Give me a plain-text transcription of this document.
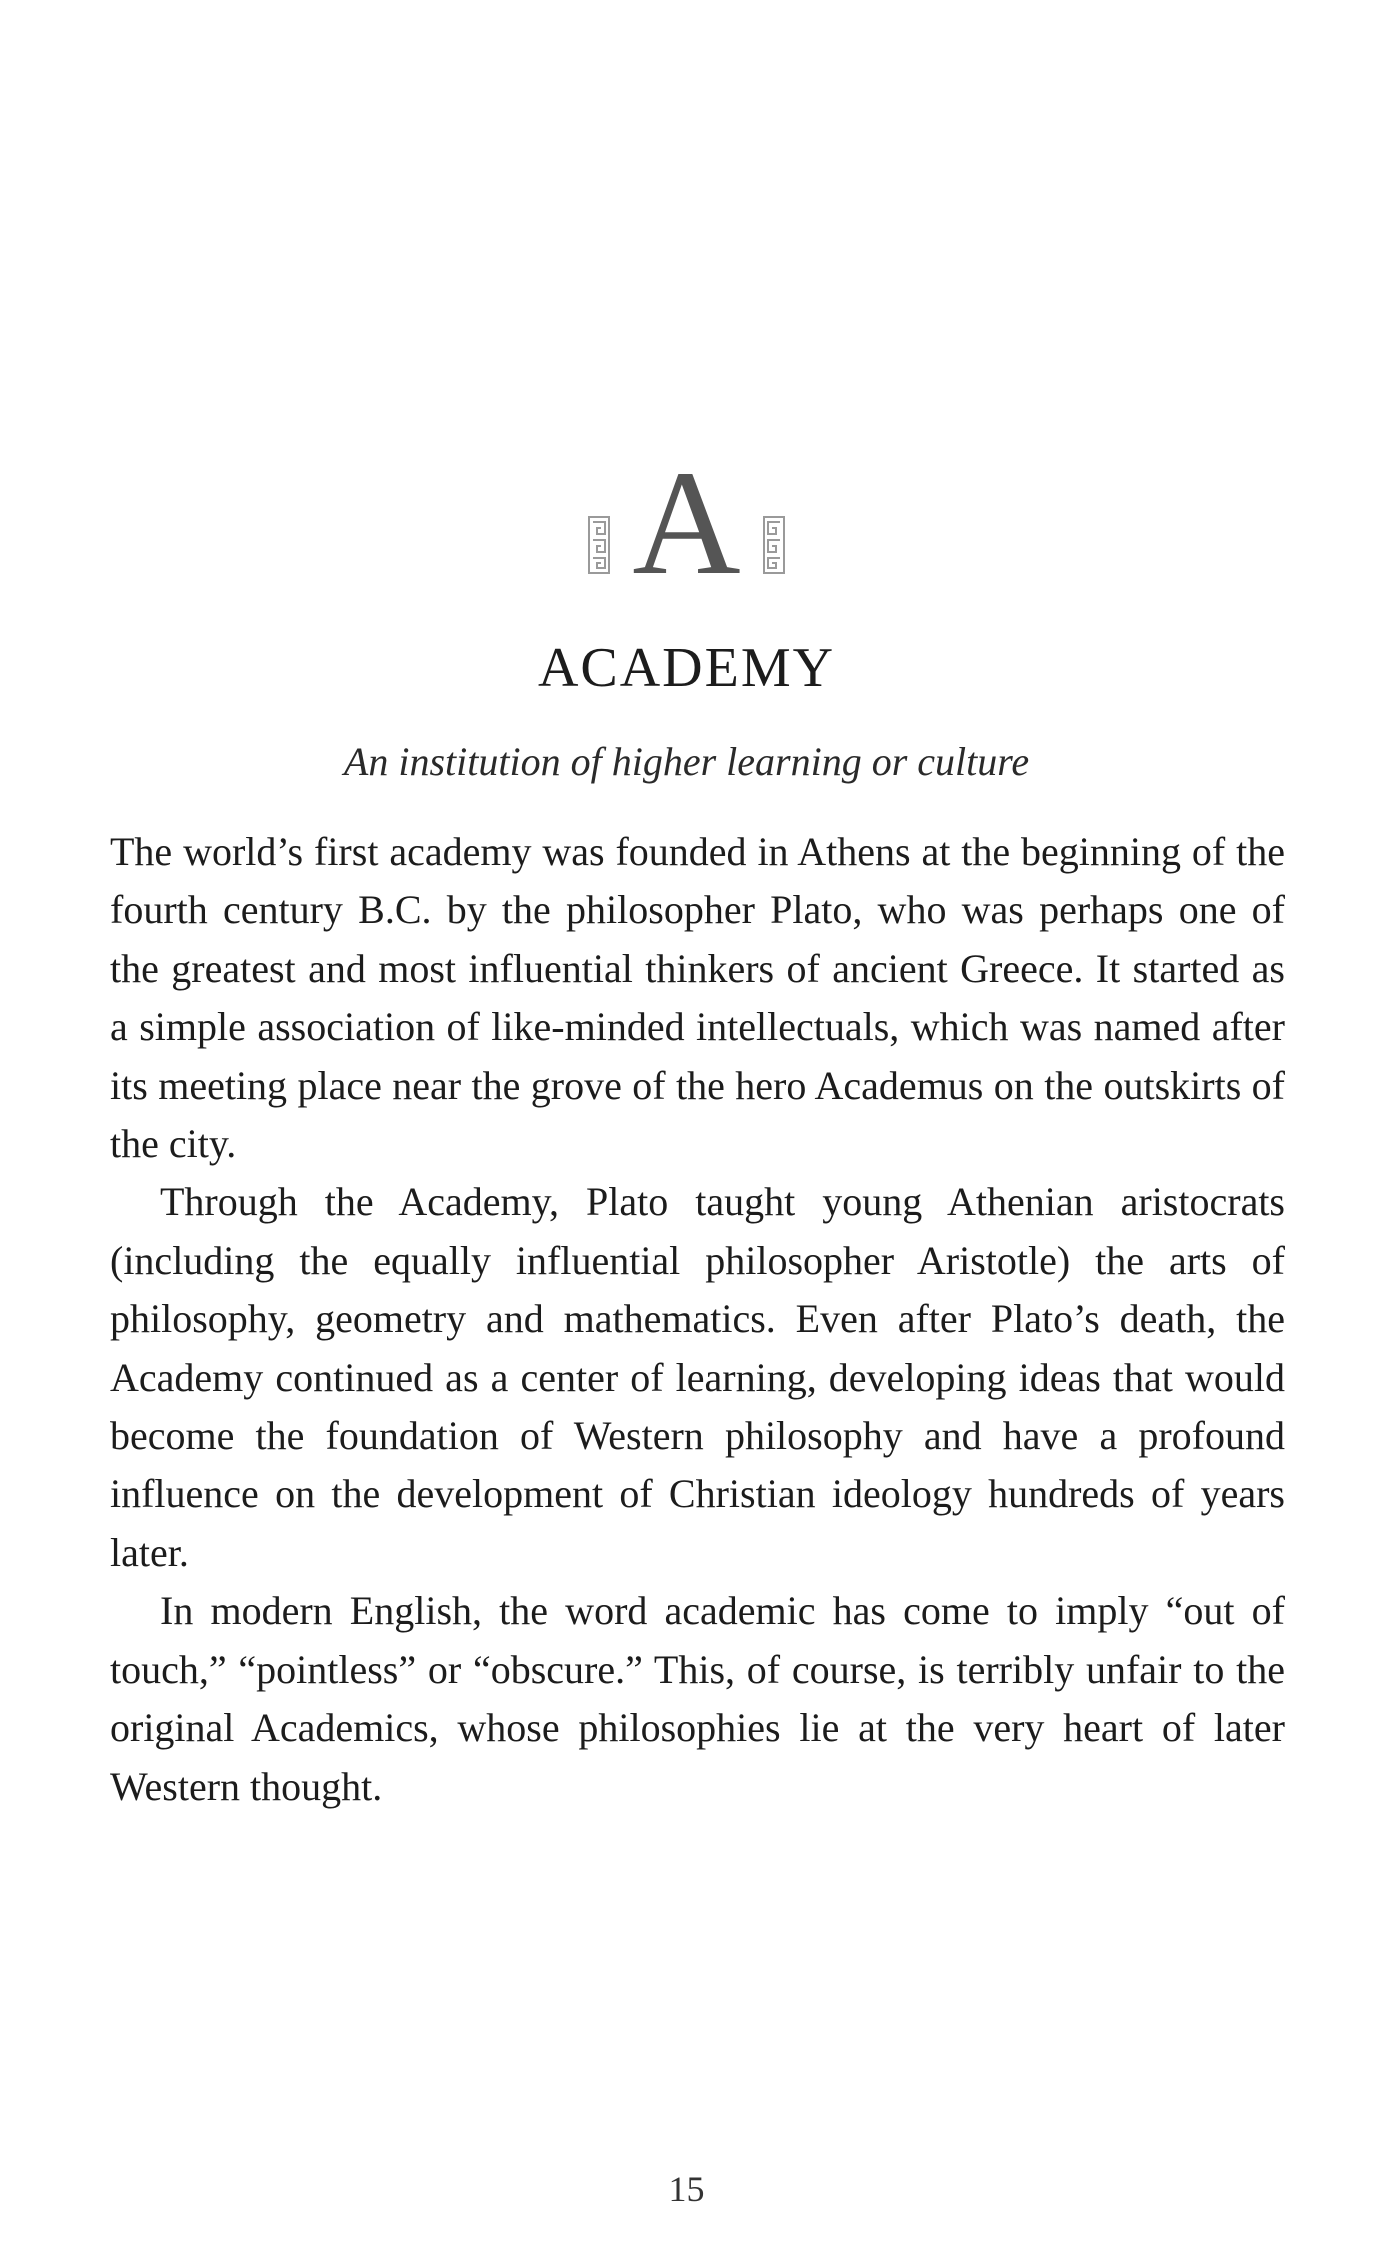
A
ACADEMY
An institution of higher learning or culture

The world’s first academy was founded in Athens at the beginning of the fourth century B.C. by the philosopher Plato, who was perhaps one of the greatest and most influential thinkers of ancient Greece. It started as a simple association of like-minded intellectuals, which was named after its meeting place near the grove of the hero Academus on the outskirts of the city.

Through the Academy, Plato taught young Athenian aristocrats (including the equally influential philosopher Aristotle) the arts of philosophy, geometry and mathematics. Even after Plato’s death, the Academy continued as a center of learning, developing ideas that would become the foundation of Western philosophy and have a profound influence on the development of Christian ideology hundreds of years later.

In modern English, the word academic has come to imply “out of touch,” “pointless” or “obscure.” This, of course, is terribly unfair to the original Academics, whose philosophies lie at the very heart of later Western thought.

15
